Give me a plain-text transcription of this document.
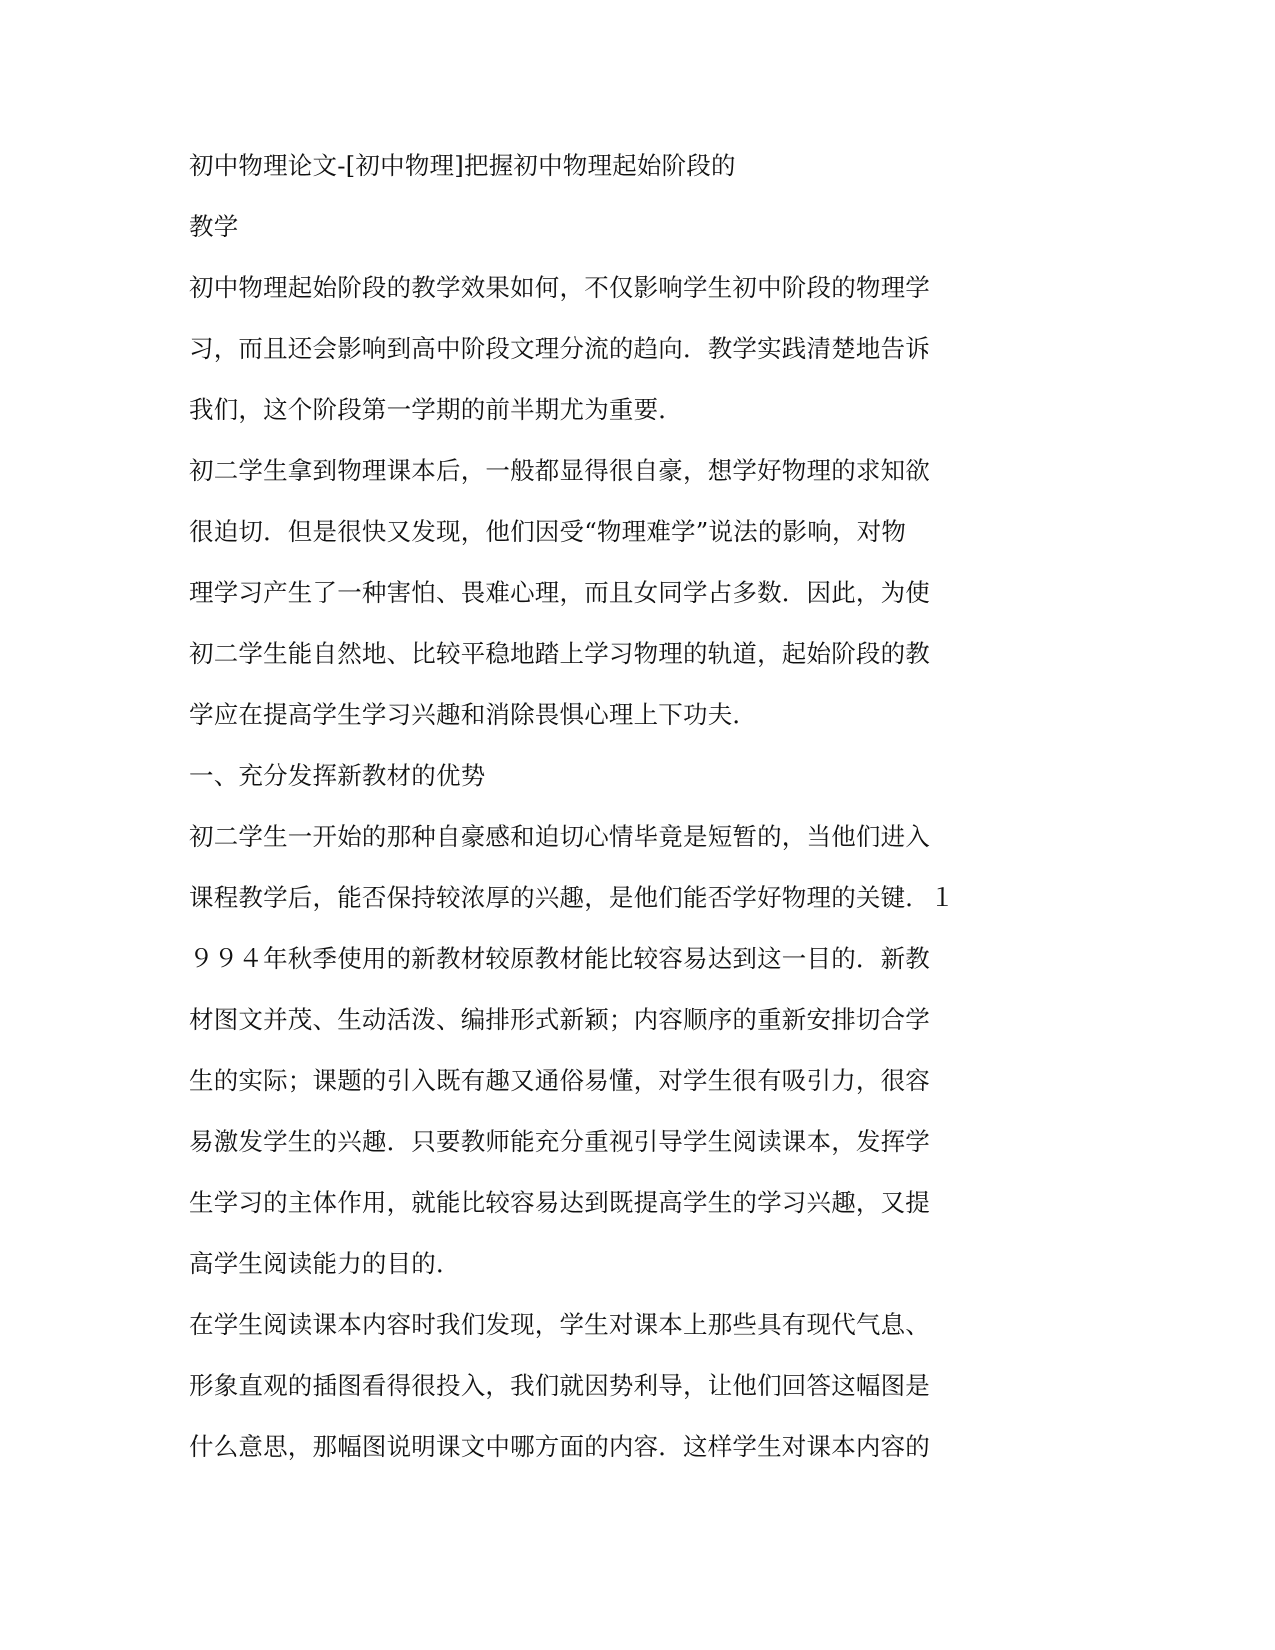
初中物理论文-[初中物理]把握初中物理起始阶段的
教学
初中物理起始阶段的教学效果如何，不仅影响学生初中阶段的物理学
习，而且还会影响到高中阶段文理分流的趋向．教学实践清楚地告诉
我们，这个阶段第一学期的前半期尤为重要．
初二学生拿到物理课本后，一般都显得很自豪，想学好物理的求知欲
很迫切．但是很快又发现，他们因受“物理难学”说法的影响，对物
理学习产生了一种害怕、畏难心理，而且女同学占多数．因此，为使
初二学生能自然地、比较平稳地踏上学习物理的轨道，起始阶段的教
学应在提高学生学习兴趣和消除畏惧心理上下功夫．
一、充分发挥新教材的优势
初二学生一开始的那种自豪感和迫切心情毕竟是短暂的，当他们进入
课程教学后，能否保持较浓厚的兴趣，是他们能否学好物理的关键．１
９９４年秋季使用的新教材较原教材能比较容易达到这一目的．新教
材图文并茂、生动活泼、编排形式新颖；内容顺序的重新安排切合学
生的实际；课题的引入既有趣又通俗易懂，对学生很有吸引力，很容
易激发学生的兴趣．只要教师能充分重视引导学生阅读课本，发挥学
生学习的主体作用，就能比较容易达到既提高学生的学习兴趣，又提
高学生阅读能力的目的．
在学生阅读课本内容时我们发现，学生对课本上那些具有现代气息、
形象直观的插图看得很投入，我们就因势利导，让他们回答这幅图是
什么意思，那幅图说明课文中哪方面的内容．这样学生对课本内容的
